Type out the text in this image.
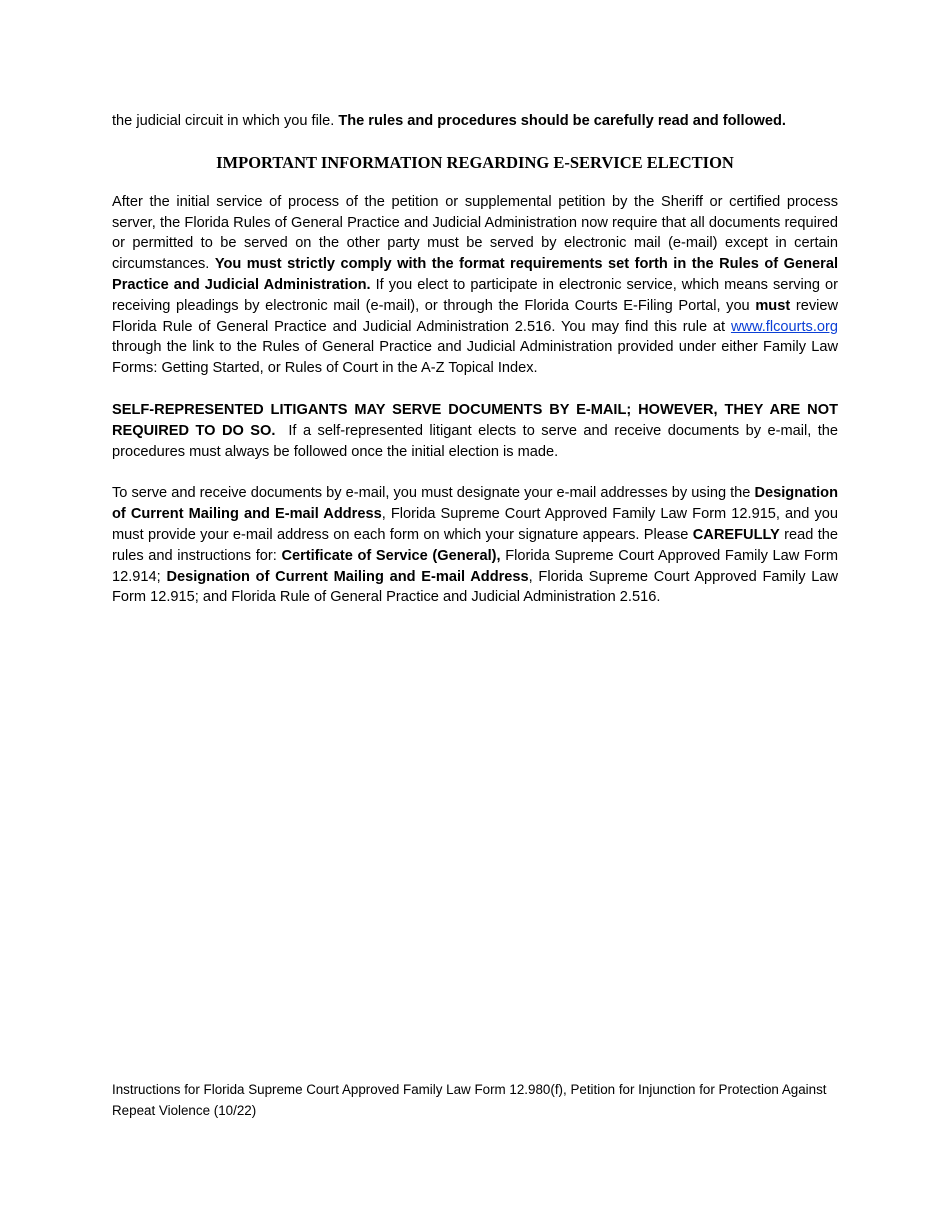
the judicial circuit in which you file. The rules and procedures should be carefully read and followed.

IMPORTANT INFORMATION REGARDING E-SERVICE ELECTION

After the initial service of process of the petition or supplemental petition by the Sheriff or certified process server, the Florida Rules of General Practice and Judicial Administration now require that all documents required or permitted to be served on the other party must be served by electronic mail (e-mail) except in certain circumstances. You must strictly comply with the format requirements set forth in the Rules of General Practice and Judicial Administration. If you elect to participate in electronic service, which means serving or receiving pleadings by electronic mail (e-mail), or through the Florida Courts E-Filing Portal, you must review Florida Rule of General Practice and Judicial Administration 2.516. You may find this rule at www.flcourts.org through the link to the Rules of General Practice and Judicial Administration provided under either Family Law Forms: Getting Started, or Rules of Court in the A-Z Topical Index.

SELF-REPRESENTED LITIGANTS MAY SERVE DOCUMENTS BY E-MAIL; HOWEVER, THEY ARE NOT REQUIRED TO DO SO. If a self-represented litigant elects to serve and receive documents by e-mail, the procedures must always be followed once the initial election is made.

To serve and receive documents by e-mail, you must designate your e-mail addresses by using the Designation of Current Mailing and E-mail Address, Florida Supreme Court Approved Family Law Form 12.915, and you must provide your e-mail address on each form on which your signature appears. Please CAREFULLY read the rules and instructions for: Certificate of Service (General), Florida Supreme Court Approved Family Law Form 12.914; Designation of Current Mailing and E-mail Address, Florida Supreme Court Approved Family Law Form 12.915; and Florida Rule of General Practice and Judicial Administration 2.516.

Instructions for Florida Supreme Court Approved Family Law Form 12.980(f), Petition for Injunction for Protection Against Repeat Violence (10/22)
